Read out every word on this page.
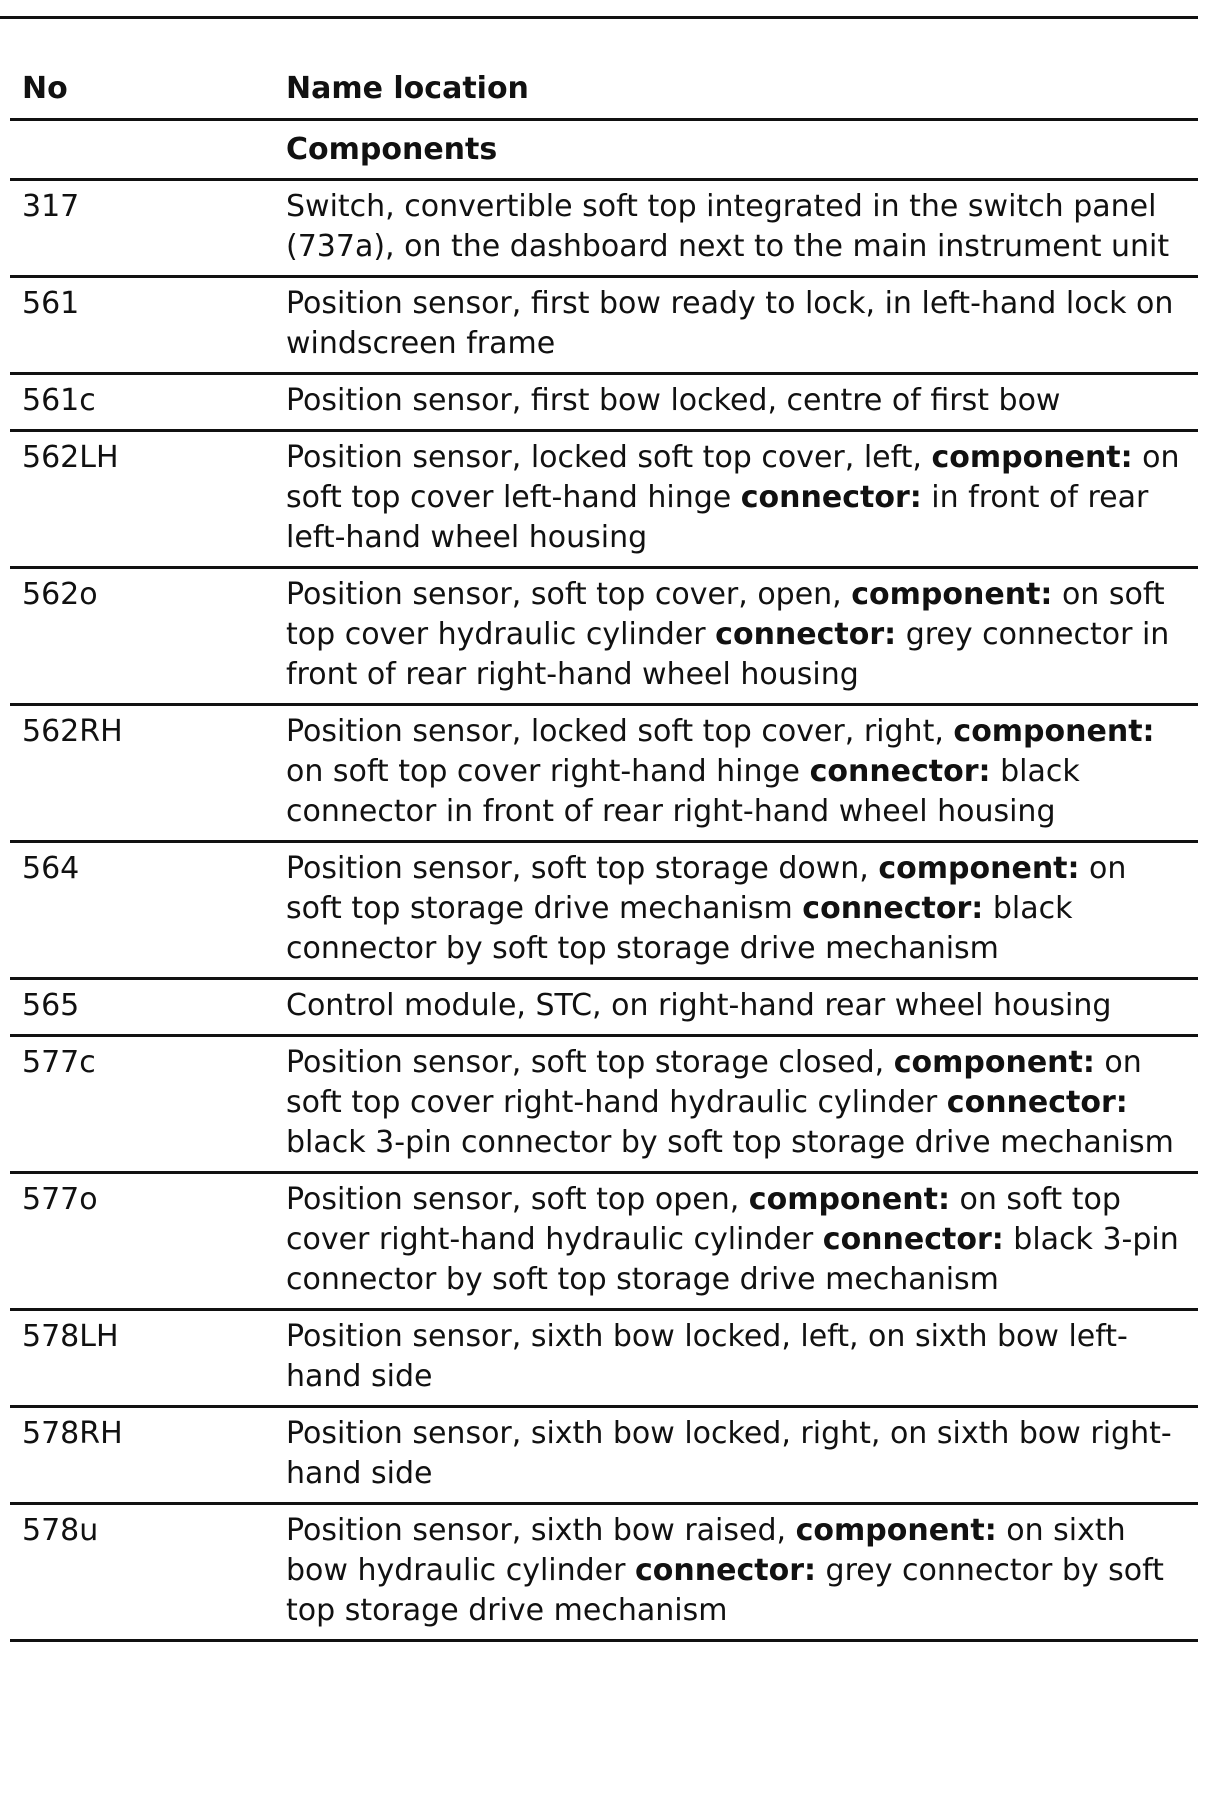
No	Name location
Components
317	Switch, convertible soft top integrated in the switch panel (737a), on the dashboard next to the main instrument unit
561	Position sensor, first bow ready to lock, in left-hand lock on windscreen frame
561c	Position sensor, first bow locked, centre of first bow
562LH	Position sensor, locked soft top cover, left, component: on soft top cover left-hand hinge connector: in front of rear left-hand wheel housing
562o	Position sensor, soft top cover, open, component: on soft top cover hydraulic cylinder connector: grey connector in front of rear right-hand wheel housing
562RH	Position sensor, locked soft top cover, right, component: on soft top cover right-hand hinge connector: black connector in front of rear right-hand wheel housing
564	Position sensor, soft top storage down, component: on soft top storage drive mechanism connector: black connector by soft top storage drive mechanism
565	Control module, STC, on right-hand rear wheel housing
577c	Position sensor, soft top storage closed, component: on soft top cover right-hand hydraulic cylinder connector: black 3-pin connector by soft top storage drive mechanism
577o	Position sensor, soft top open, component: on soft top cover right-hand hydraulic cylinder connector: black 3-pin connector by soft top storage drive mechanism
578LH	Position sensor, sixth bow locked, left, on sixth bow left-hand side
578RH	Position sensor, sixth bow locked, right, on sixth bow right-hand side
578u	Position sensor, sixth bow raised, component: on sixth bow hydraulic cylinder connector: grey connector by soft top storage drive mechanism
